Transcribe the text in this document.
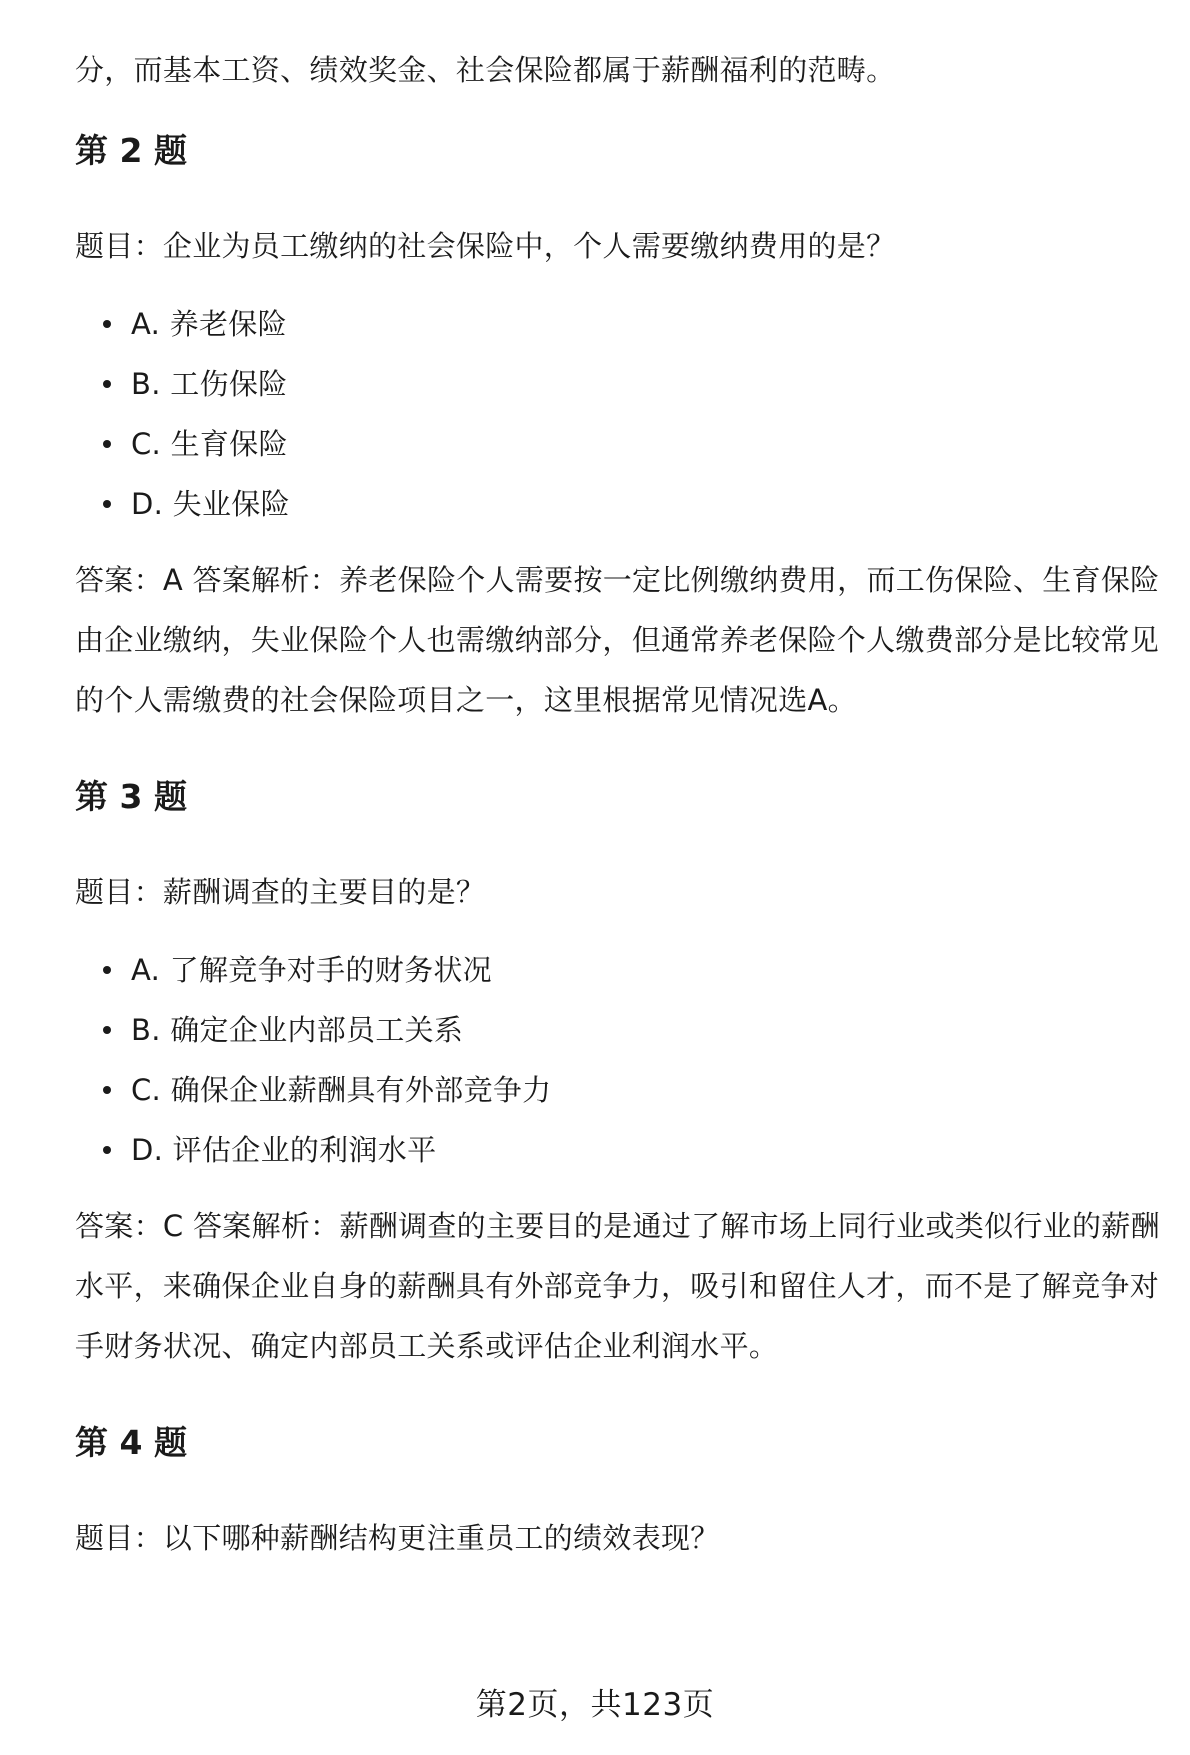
分，而基本工资、绩效奖金、社会保险都属于薪酬福利的范畴。

第 2 题

题目：企业为员工缴纳的社会保险中，个人需要缴纳费用的是？

A. 养老保险
B. 工伤保险
C. 生育保险
D. 失业保险

答案：A 答案解析：养老保险个人需要按一定比例缴纳费用，而工伤保险、生育保险由企业缴纳，失业保险个人也需缴纳部分，但通常养老保险个人缴费部分是比较常见的个人需缴费的社会保险项目之一，这里根据常见情况选A。

第 3 题

题目：薪酬调查的主要目的是？

A. 了解竞争对手的财务状况
B. 确定企业内部员工关系
C. 确保企业薪酬具有外部竞争力
D. 评估企业的利润水平

答案：C 答案解析：薪酬调查的主要目的是通过了解市场上同行业或类似行业的薪酬水平，来确保企业自身的薪酬具有外部竞争力，吸引和留住人才，而不是了解竞争对手财务状况、确定内部员工关系或评估企业利润水平。

第 4 题

题目：以下哪种薪酬结构更注重员工的绩效表现？

第2页，共123页
